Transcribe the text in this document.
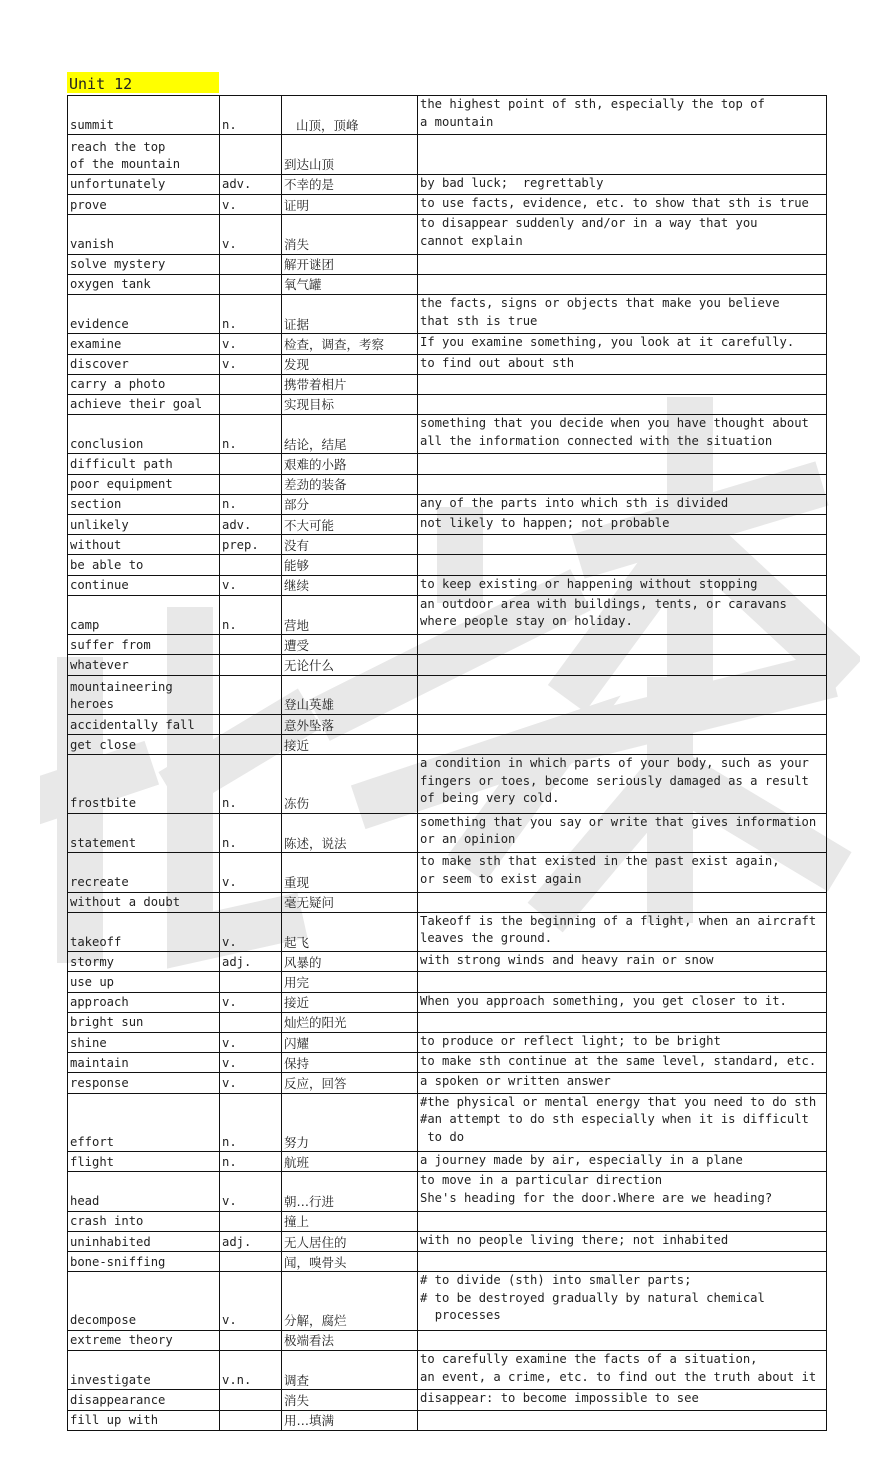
Unit 12
summit	n.	山顶，顶峰	the highest point of sth, especially the top of
a mountain
reach the top
of the mountain		到达山顶	
unfortunately	adv.	不幸的是	by bad luck;  regrettably
prove	v.	证明	to use facts, evidence, etc. to show that sth is true
vanish	v.	消失	to disappear suddenly and/or in a way that you
cannot explain
solve mystery		解开谜团	
oxygen tank		氧气罐	
evidence	n.	证据	the facts, signs or objects that make you believe
that sth is true
examine	v.	检查，调查，考察	If you examine something, you look at it carefully.
discover	v.	发现	to find out about sth
carry a photo		携带着相片	
achieve their goal		实现目标	
conclusion	n.	结论，结尾	something that you decide when you have thought about
all the information connected with the situation
difficult path		艰难的小路	
poor equipment		差劲的装备	
section	n.	部分	any of the parts into which sth is divided
unlikely	adv.	不大可能	not likely to happen; not probable
without	prep.	没有	
be able to		能够	
continue	v.	继续	to keep existing or happening without stopping
camp	n.	营地	an outdoor area with buildings, tents, or caravans
where people stay on holiday.
suffer from		遭受	
whatever		无论什么	
mountaineering
heroes		登山英雄	
accidentally fall		意外坠落	
get close		接近	
frostbite	n.	冻伤	a condition in which parts of your body, such as your
fingers or toes, become seriously damaged as a result
of being very cold.
statement	n.	陈述，说法	something that you say or write that gives information
or an opinion
recreate	v.	重现	to make sth that existed in the past exist again,
or seem to exist again
without a doubt		毫无疑问	
takeoff	v.	起飞	Takeoff is the beginning of a flight, when an aircraft
leaves the ground.
stormy	adj.	风暴的	with strong winds and heavy rain or snow
use up		用完	
approach	v.	接近	When you approach something, you get closer to it.
bright sun		灿烂的阳光	
shine	v.	闪耀	to produce or reflect light; to be bright
maintain	v.	保持	to make sth continue at the same level, standard, etc.
response	v.	反应，回答	a spoken or written answer
effort	n.	努力	#the physical or mental energy that you need to do sth
#an attempt to do sth especially when it is difficult
to do
flight	n.	航班	a journey made by air, especially in a plane
head	v.	朝…行进	to move in a particular direction
She's heading for the door.Where are we heading?
crash into		撞上	
uninhabited	adj.	无人居住的	with no people living there; not inhabited
bone-sniffing		闻，嗅骨头	
decompose	v.	分解，腐烂	# to divide (sth) into smaller parts;
# to be destroyed gradually by natural chemical
processes
extreme theory		极端看法	
investigate	v.n.	调查	to carefully examine the facts of a situation,
an event, a crime, etc. to find out the truth about it
disappearance		消失	disappear: to become impossible to see
fill up with		用…填满	
